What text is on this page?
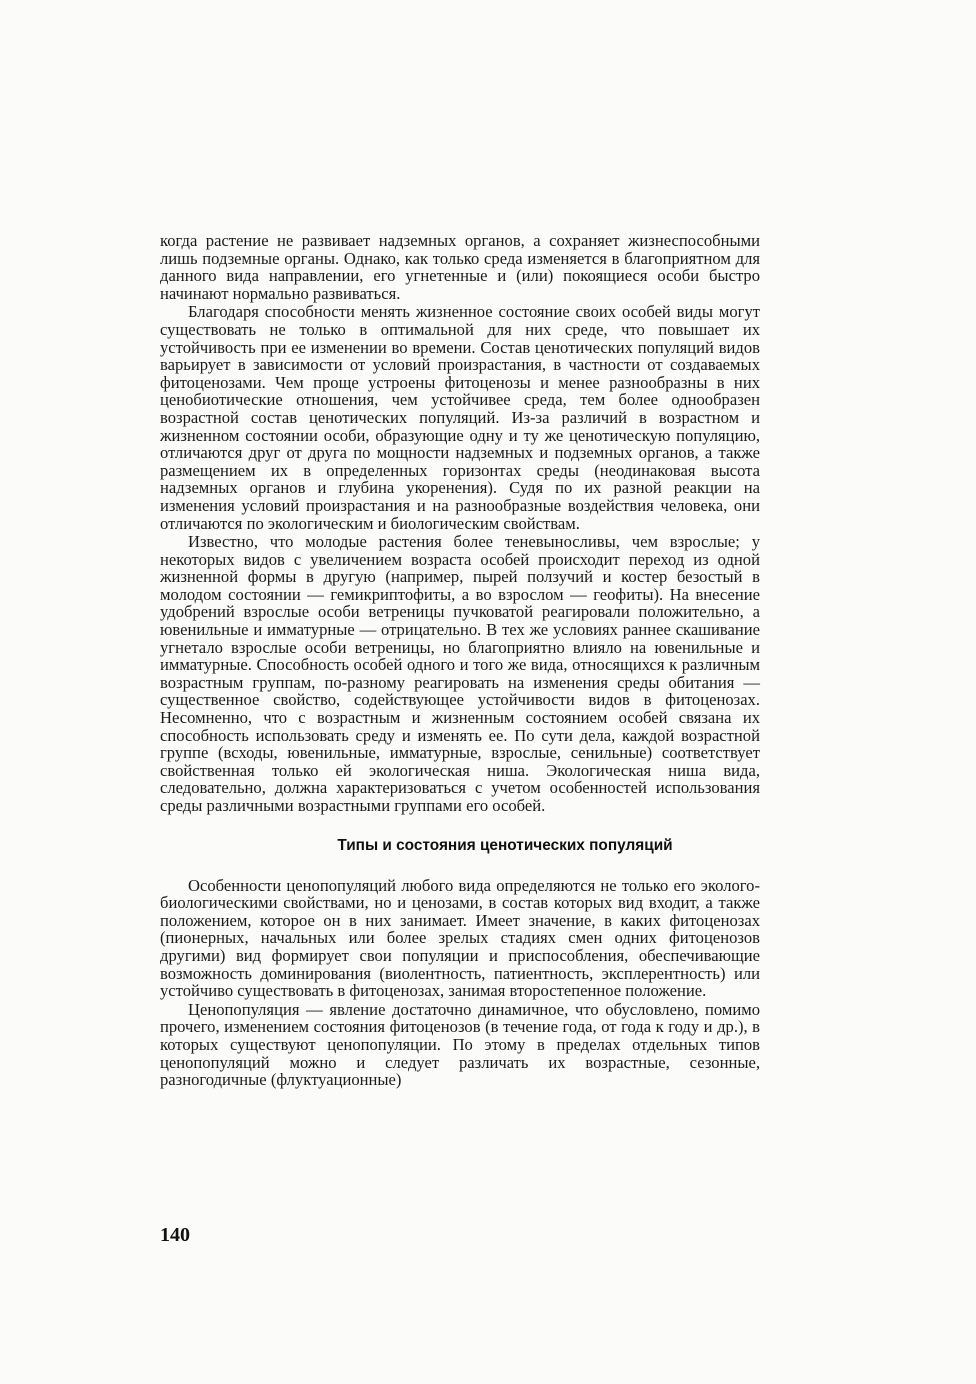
когда растение не развивает надземных органов, а сохраняет жизнеспособными лишь подземные органы. Однако, как только среда изменяется в благоприятном для данного вида направлении, его угнетенные и (или) покоящиеся особи быстро начинают нормально развиваться.

Благодаря способности менять жизненное состояние своих особей виды могут существовать не только в оптимальной для них среде, что повышает их устойчивость при ее изменении во времени. Состав ценотических популяций видов варьирует в зависимости от условий произрастания, в частности от создаваемых фитоценозами. Чем проще устроены фитоценозы и менее разнообразны в них ценобиотические отношения, чем устойчивее среда, тем более однообразен возрастной состав ценотических популяций. Из-за различий в возрастном и жизненном состоянии особи, образующие одну и ту же ценотическую популяцию, отличаются друг от друга по мощности надземных и подземных органов, а также размещением их в определенных горизонтах среды (неодинаковая высота надземных органов и глубина укоренения). Судя по их разной реакции на изменения условий произрастания и на разнообразные воздействия человека, они отличаются по экологическим и биологическим свойствам.

Известно, что молодые растения более теневыносливы, чем взрослые; у некоторых видов с увеличением возраста особей происходит переход из одной жизненной формы в другую (например, пырей ползучий и костер безостый в молодом состоянии — гемикриптофиты, а во взрослом — геофиты). На внесение удобрений взрослые особи ветреницы пучковатой реагировали положительно, а ювенильные и имматурные — отрицательно. В тех же условиях раннее скашивание угнетало взрослые особи ветреницы, но благоприятно влияло на ювенильные и имматурные. Способность особей одного и того же вида, относящихся к различным возрастным группам, по-разному реагировать на изменения среды обитания — существенное свойство, содействующее устойчивости видов в фитоценозах. Несомненно, что с возрастным и жизненным состоянием особей связана их способность использовать среду и изменять ее. По сути дела, каждой возрастной группе (всходы, ювенильные, имматурные, взрослые, сенильные) соответствует свойственная только ей экологическая ниша. Экологическая ниша вида, следовательно, должна характеризоваться с учетом особенностей использования среды различными возрастными группами его особей.

Типы и состояния ценотических популяций

Особенности ценопопуляций любого вида определяются не только его эколого-биологическими свойствами, но и ценозами, в состав которых вид входит, а также положением, которое он в них занимает. Имеет значение, в каких фитоценозах (пионерных, начальных или более зрелых стадиях смен одних фитоценозов другими) вид формирует свои популяции и приспособления, обеспечивающие возможность доминирования (виолентность, патиентность, эксплерентность) или устойчиво существовать в фитоценозах, занимая второстепенное положение.

Ценопопуляция — явление достаточно динамичное, что обусловлено, помимо прочего, изменением состояния фитоценозов (в течение года, от года к году и др.), в которых существуют ценопопуляции. По этому в пределах отдельных типов ценопопуляций можно и следует различать их возрастные, сезонные, разногодичные (флуктуационные)

140
